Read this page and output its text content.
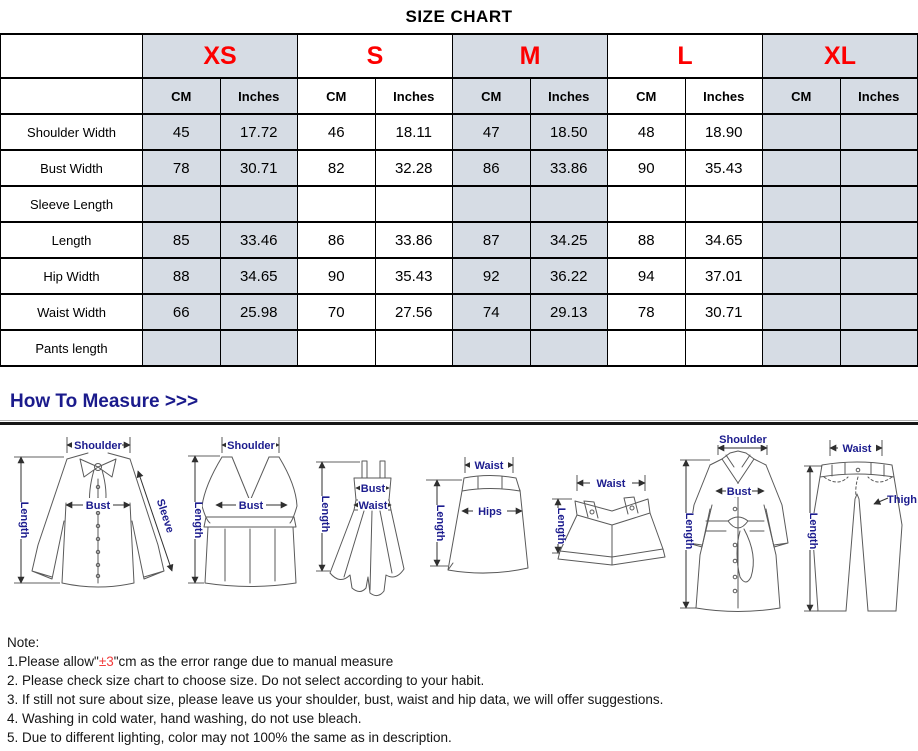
SIZE CHART
	XS		S		M		L		XL	
	CM	Inches	CM	Inches	CM	Inches	CM	Inches	CM	Inches
Shoulder Width	45	17.72	46	18.11	47	18.50	48	18.90		
Bust Width	78	30.71	82	32.28	86	33.86	90	35.43		
Sleeve Length										
Length	85	33.46	86	33.86	87	34.25	88	34.65		
Hip Width	88	34.65	90	35.43	92	36.22	94	37.01		
Waist Width	66	25.98	70	27.56	74	29.13	78	30.71		
Pants length										
How To Measure >>>
Shoulder
Bust
Length	Sleeve
Shoulder
Bust
Length
Bust
Waist
Length
Waist
Hips
Length
Waist
Length
Shoulder
Bust
Length
Waist
Thigh
Length
Note:
1.Please allow"±3"cm as the error range due to manual measure
2. Please check size chart to choose size. Do not select according to your habit.
3. If still not sure about size, please leave us your shoulder, bust, waist and hip data, we will offer suggestions.
4. Washing in cold water, hand washing, do not use bleach.
5. Due to different lighting, color may not 100% the same as in description.
